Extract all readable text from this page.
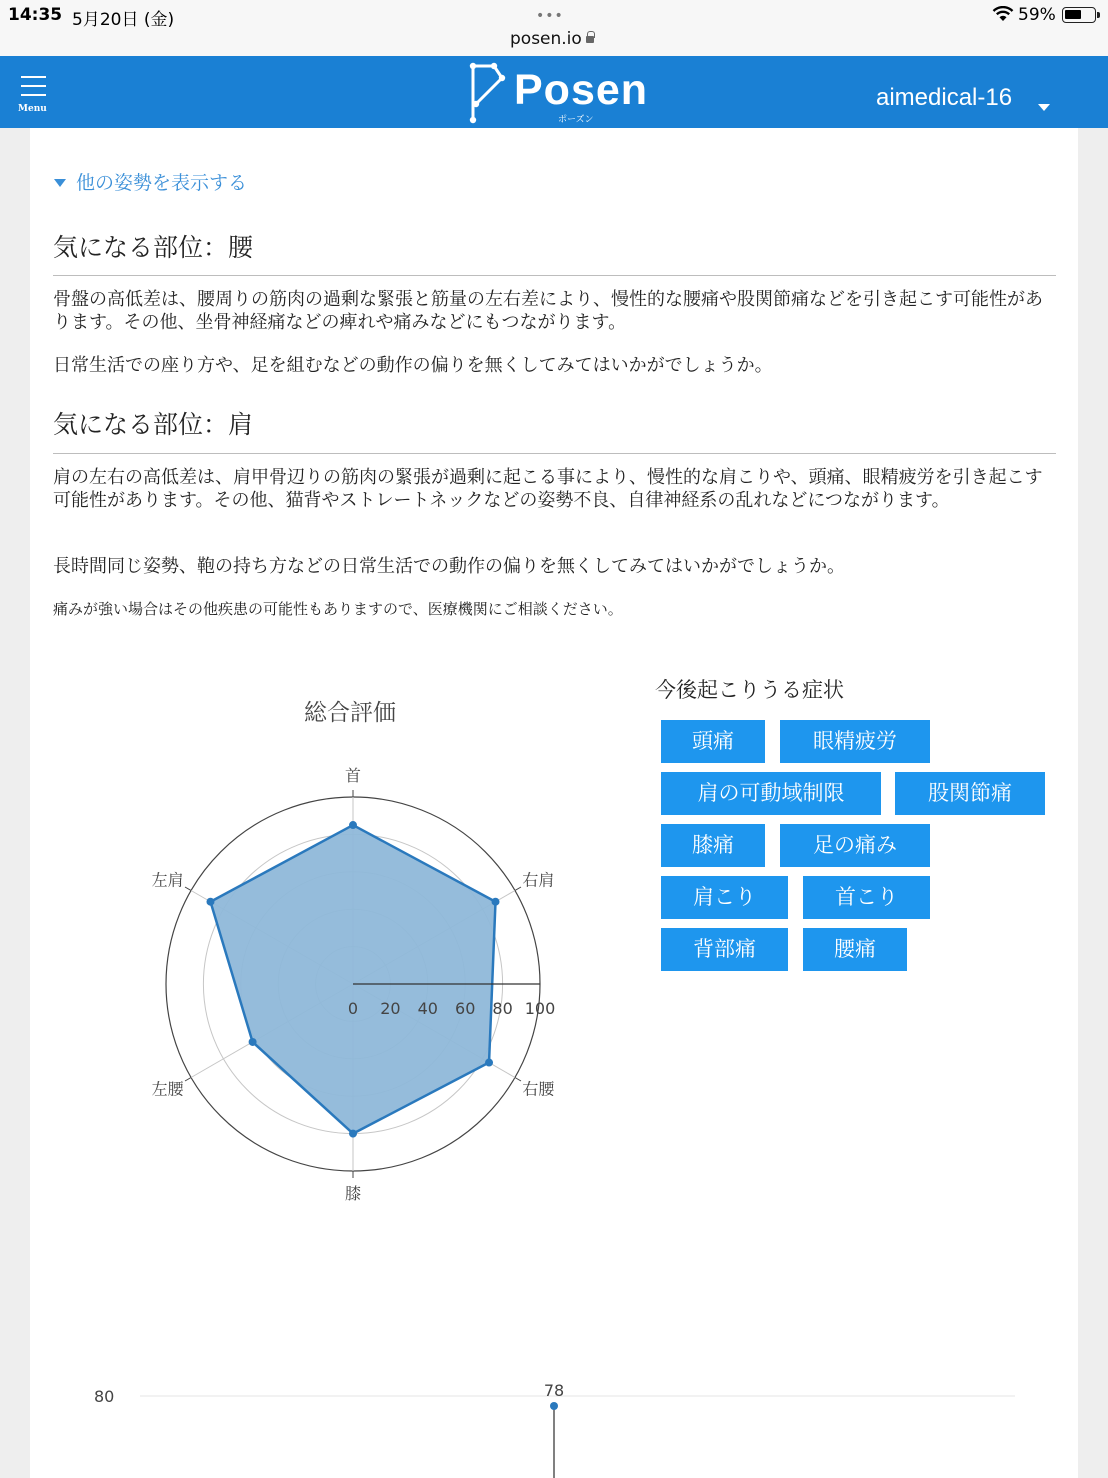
14:35 5月20日 (金)	•••
posen.io
59%
Menu	Posen
ポーズン
aimedical-16
他の姿勢を表示する
気になる部位：腰
骨盤の高低差は、腰周りの筋肉の過剰な緊張と筋量の左右差により、慢性的な腰痛や股関節痛などを引き起こす可能性があります。その他、坐骨神経痛などの痺れや痛みなどにもつながります。
日常生活での座り方や、足を組むなどの動作の偏りを無くしてみてはいかがでしょうか。
気になる部位：肩
肩の左右の高低差は、肩甲骨辺りの筋肉の緊張が過剰に起こる事により、慢性的な肩こりや、頭痛、眼精疲労を引き起こす可能性があります。その他、猫背やストレートネックなどの姿勢不良、自律神経系の乱れなどにつながります。
長時間同じ姿勢、鞄の持ち方などの日常生活での動作の偏りを無くしてみてはいかがでしょうか。
痛みが強い場合はその他疾患の可能性もありますので、医療機関にご相談ください。
総合評価
首
右肩
右腰
膝
左腰
左肩
0 20 40 60 80 100
今後起こりうる症状
頭痛	眼精疲労
肩の可動域制限	股関節痛
膝痛	足の痛み
肩こり	首こり
背部痛	腰痛
80	78
